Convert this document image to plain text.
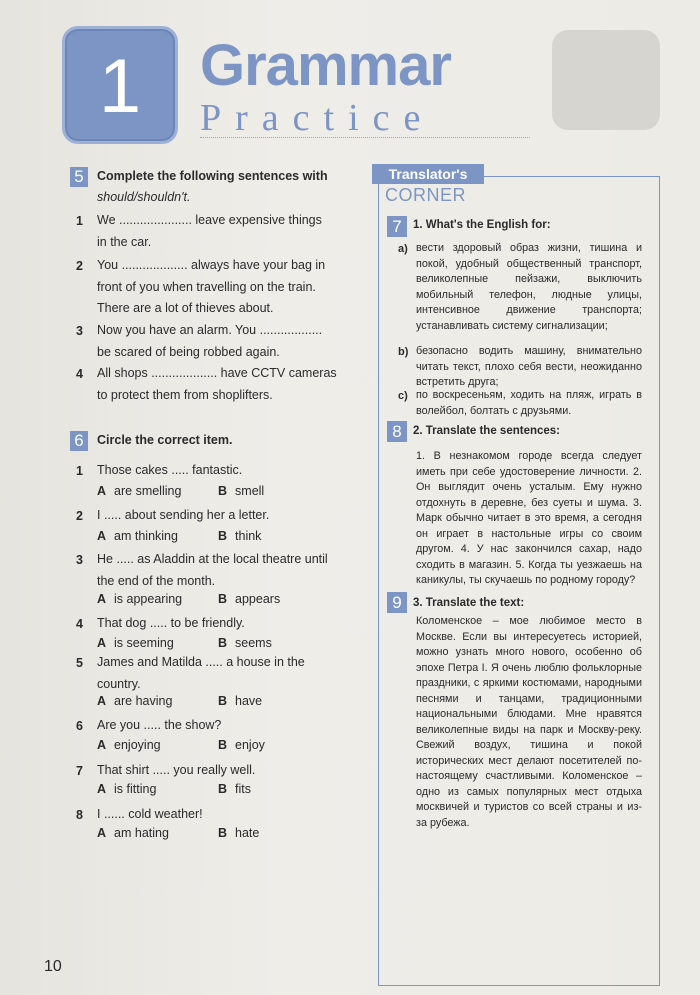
1	Grammar
Practice
5	Complete the following sentences with
should/shouldn't.
1 We ..................... leave expensive things
in the car.
2 You ................... always have your bag in
front of you when travelling on the train.
There are a lot of thieves about.
3 Now you have an alarm. You ..................
be scared of being robbed again.
4 All shops ................... have CCTV cameras
to protect them from shoplifters.
6	Circle the correct item.
1 Those cakes ..... fantastic.
A are smelling	B smell
2 I ..... about sending her a letter.
A am thinking	B think
3 He ..... as Aladdin at the local theatre until
the end of the month.
A is appearing	B appears
4 That dog ..... to be friendly.
A is seeming	B seems
5 James and Matilda ..... a house in the
country.
A are having	B have
6 Are you ..... the show?
A enjoying	B enjoy
7 That shirt ..... you really well.
A is fitting	B fits
8 I ...... cold weather!
A am hating	B hate
Translator's
CORNER
7 1. What's the English for:
a) вести здоровый образ жизни, тишина и покой, удобный общественный транспорт, великолепные пейзажи, выключить мобильный телефон, людные улицы, интенсивное движение транспорта; устанавливать систему сигнализации;
b) безопасно водить машину, внимательно читать текст, плохо себя вести, неожиданно встретить друга;
c) по воскресеньям, ходить на пляж, играть в волейбол, болтать с друзьями.
8 2. Translate the sentences:
1. В незнакомом городе всегда следует иметь при себе удостоверение личности. 2. Он выглядит очень усталым. Ему нужно отдохнуть в деревне, без суеты и шума. 3. Марк обычно читает в это время, а сегодня он играет в настольные игры со своим другом. 4. У нас закончился сахар, надо сходить в магазин. 5. Когда ты уезжаешь на каникулы, ты скучаешь по родному городу?
9 3. Translate the text:
Коломенское – мое любимое место в Москве. Если вы интересуетесь историей, можно узнать много нового, особенно об эпохе Петра I. Я очень люблю фольклорные праздники, с яркими костюмами, народными песнями и танцами, традиционными национальными блюдами. Мне нравятся великолепные виды на парк и Москву-реку. Свежий воздух, тишина и покой исторических мест делают посетителей по-настоящему счастливыми. Коломенское – одно из самых популярных мест отдыха москвичей и туристов со всей страны и из-за рубежа.
10
